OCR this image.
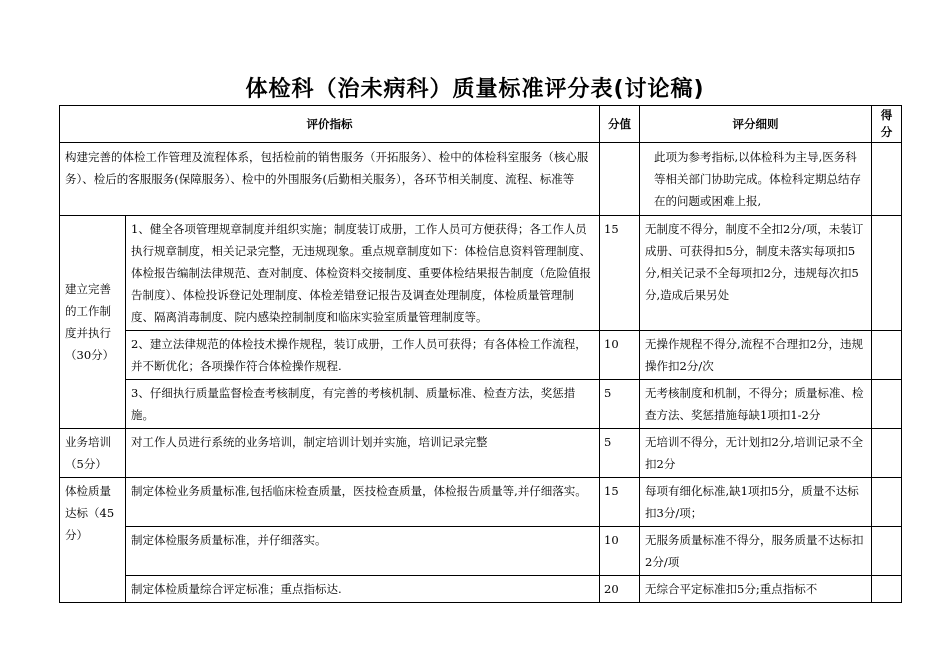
体检科（治未病科）质量标准评分表(讨论稿)
评价指标		分值	评分细则	得分
构建完善的体检工作管理及流程体系，包括检前的销售服务（开拓服务）、检中的体检科室服务（核心服务）、检后的客服服务(保障服务）、检中的外围服务(后勤相关服务），各环节相关制度、流程、标准等			此项为参考指标,以体检科为主导,医务科等相关部门协助完成。体检科定期总结存在的问题或困难上报,	
建立完善的工作制度并执行（30分）	1、健全各项管理规章制度并组织实施；制度装订成册，工作人员可方便获得；各工作人员执行规章制度，相关记录完整，无违规现象。重点规章制度如下：体检信息资料管理制度、体检报告编制法律规范、查对制度、体检资料交接制度、重要体检结果报告制度（危险值报告制度）、体检投诉登记处理制度、体检差错登记报告及调查处理制度，体检质量管理制度、隔离消毒制度、院内感染控制制度和临床实验室质量管理制度等。	15	无制度不得分，制度不全扣2分/项，未装订成册、可获得扣5分，制度未落实每项扣5分,相关记录不全每项扣2分，违规每次扣5分,造成后果另处	
	2、建立法律规范的体检技术操作规程，装订成册，工作人员可获得；有各体检工作流程，并不断优化；各项操作符合体检操作规程.	10	无操作规程不得分,流程不合理扣2分，违规操作扣2分/次	
	3、仔细执行质量监督检查考核制度，有完善的考核机制、质量标准、检查方法，奖惩措施。	5	无考核制度和机制，不得分；质量标准、检查方法、奖惩措施每缺1项扣1-2分	
业务培训（5分）	对工作人员进行系统的业务培训，制定培训计划并实施，培训记录完整	5	无培训不得分，无计划扣2分,培训记录不全扣2分	
体检质量达标（45分）	制定体检业务质量标准,包括临床检查质量，医技检查质量，体检报告质量等,并仔细落实。	15	每项有细化标准,缺1项扣5分，质量不达标扣3分/项；	
	制定体检服务质量标准，并仔细落实。	10	无服务质量标准不得分，服务质量不达标扣2分/项	
	制定体检质量综合评定标准；重点指标达.	20	无综合平定标准扣5分;重点指标不	
